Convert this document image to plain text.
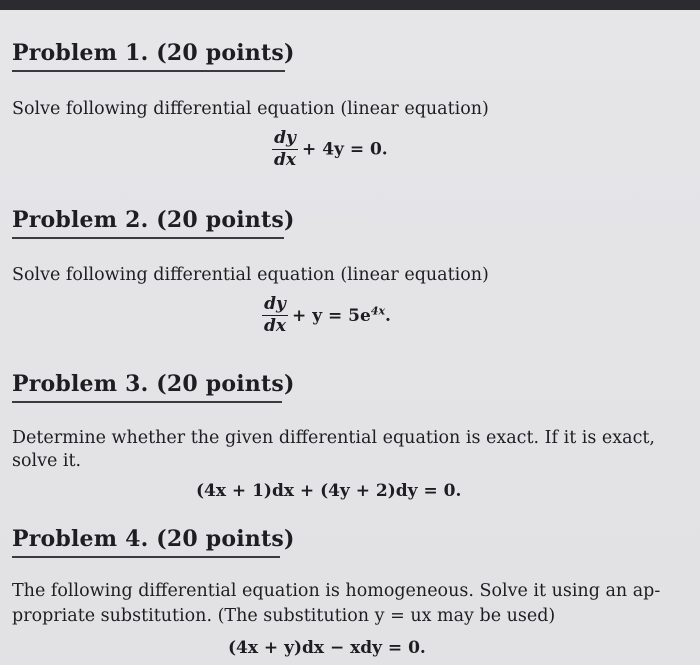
Problem 1. (20 points)
Solve following differential equation (linear equation)
$\frac{dy}{dx} + 4y = 0$.
Problem 2. (20 points)
Solve following differential equation (linear equation)
$\frac{dy}{dx} + y = 5e^{4x}$.
Problem 3. (20 points)
Determine whether the given differential equation is exact. If it is exact,
solve it.
(4x + 1)dx + (4y + 2)dy = 0.
Problem 4. (20 points)
The following differential equation is homogeneous. Solve it using an ap-
propriate substitution. (The substitution y = ux may be used)
(4x + y)dx − xdy = 0.
